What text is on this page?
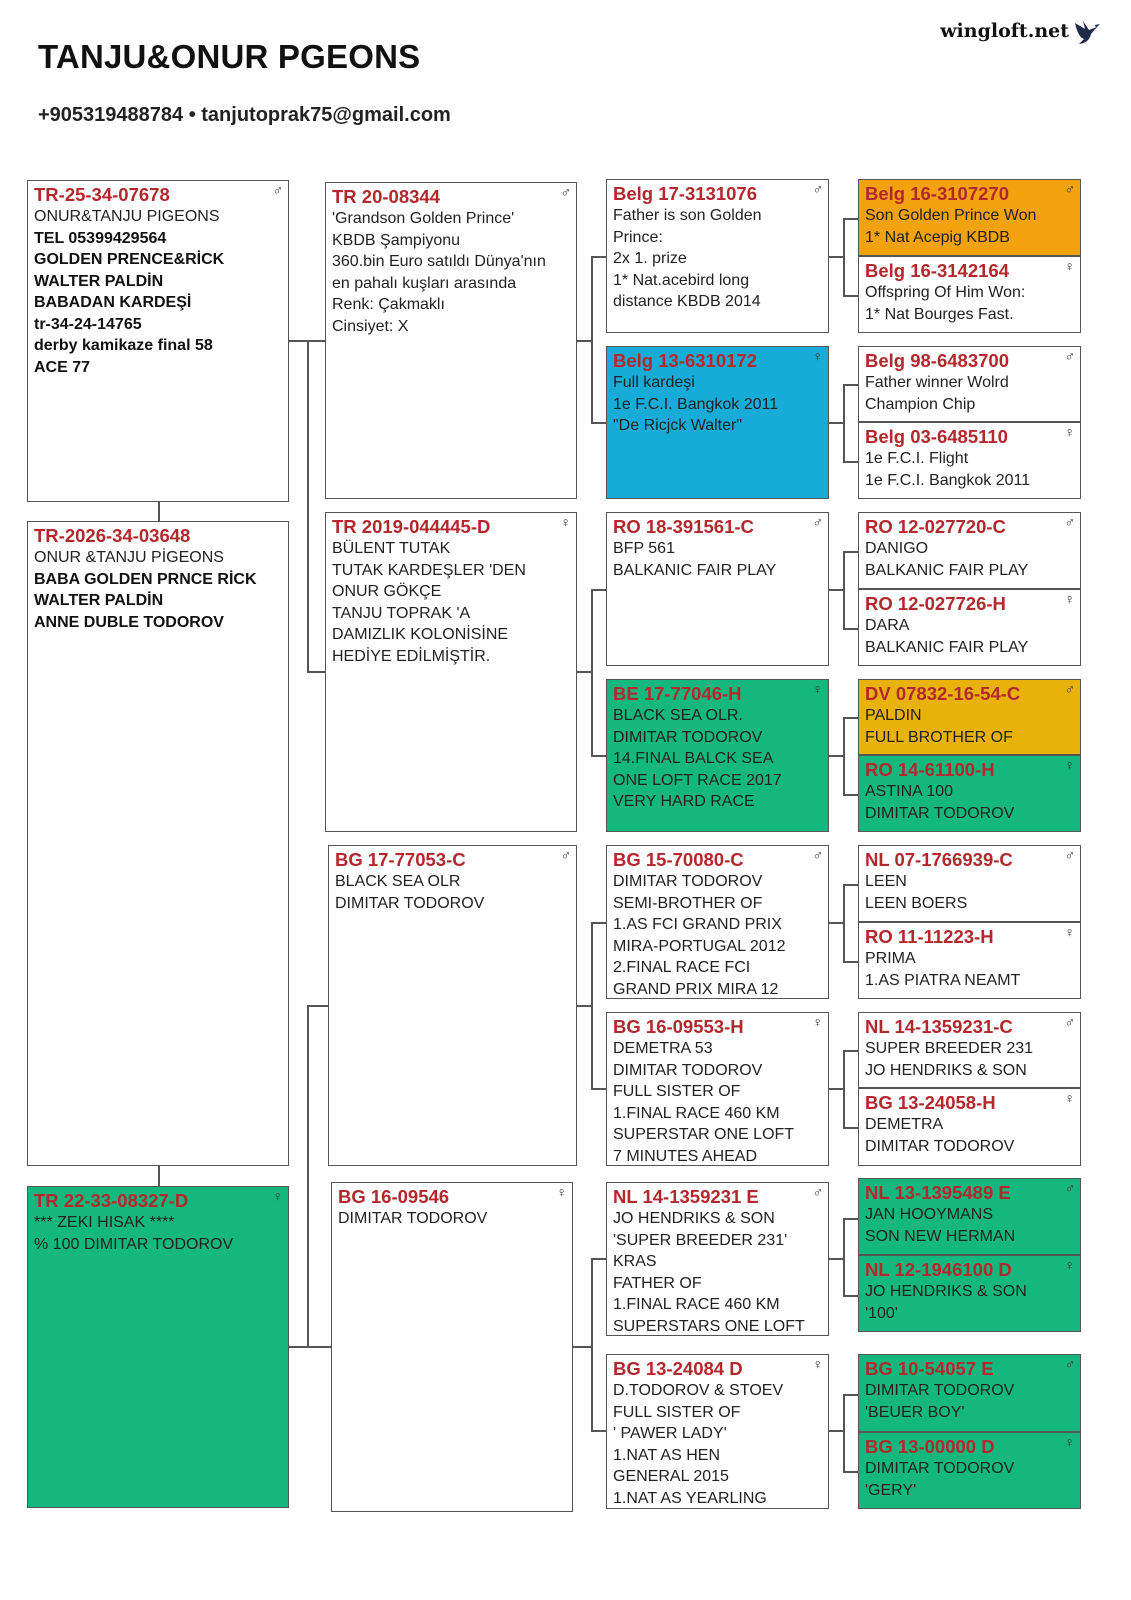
TANJU&ONUR PGEONS
+905319488784 • tanjutoprak75@gmail.com
wingloft.net
TR-25-34-07678	♂
ONUR&TANJU PIGEONS
TEL 05399429564
GOLDEN PRENCE&RİCK
WALTER PALDİN
BABADAN KARDEŞİ
tr-34-24-14765
derby kamikaze final 58
ACE 77
TR-2026-34-03648
ONUR &TANJU PİGEONS
BABA GOLDEN PRNCE RİCK
WALTER PALDİN
ANNE DUBLE TODOROV
TR 22-33-08327-D	♀
*** ZEKI HISAK ****
% 100 DIMITAR TODOROV
TR 20-08344	♂
'Grandson Golden Prince'
KBDB Şampiyonu
360.bin Euro satıldı Dünya'nın
en pahalı kuşları arasında
Renk: Çakmaklı
Cinsiyet: X
TR 2019-044445-D	♀
BÜLENT TUTAK
TUTAK KARDEŞLER 'DEN
ONUR GÖKÇE
TANJU TOPRAK 'A
DAMIZLIK KOLONİSİNE
HEDİYE EDİLMİŞTİR.
BG 17-77053-C	♂
BLACK SEA OLR
DIMITAR TODOROV
BG 16-09546	♀
DIMITAR TODOROV
Belg 17-3131076	♂
Father is son Golden
Prince:
2x 1. prize
1* Nat.acebird long
distance KBDB 2014
Belg 13-6310172	♀
Full kardeşi
1e F.C.I. Bangkok 2011
"De Ricjck Walter"
RO 18-391561-C	♂
BFP 561
BALKANIC FAIR PLAY
BE 17-77046-H	♀
BLACK SEA OLR.
DIMITAR TODOROV
14.FINAL BALCK SEA
ONE LOFT RACE 2017
VERY HARD RACE
BG 15-70080-C	♂
DIMITAR TODOROV
SEMI-BROTHER OF
1.AS FCI GRAND PRIX
MIRA-PORTUGAL 2012
2.FINAL RACE FCI
GRAND PRIX MIRA 12
BG 16-09553-H	♀
DEMETRA 53
DIMITAR TODOROV
FULL SISTER OF
1.FINAL RACE 460 KM
SUPERSTAR ONE LOFT
7 MINUTES AHEAD
NL 14-1359231 E	♂
JO HENDRIKS & SON
'SUPER BREEDER 231'
KRAS
FATHER OF
1.FINAL RACE 460 KM
SUPERSTARS ONE LOFT
BG 13-24084 D	♀
D.TODOROV & STOEV
FULL SISTER OF
' PAWER LADY'
1.NAT AS HEN
GENERAL 2015
1.NAT AS YEARLING
Belg 16-3107270	♂
Son Golden Prince Won
1* Nat Acepig KBDB
Belg 16-3142164	♀
Offspring Of Him Won:
1* Nat Bourges Fast.
Belg 98-6483700	♂
Father winner Wolrd
Champion Chip
Belg 03-6485110	♀
1e F.C.I. Flight
1e F.C.I. Bangkok 2011
RO 12-027720-C	♂
DANIGO
BALKANIC FAIR PLAY
RO 12-027726-H	♀
DARA
BALKANIC FAIR PLAY
DV 07832-16-54-C	♂
PALDIN
FULL BROTHER OF
RO 14-61100-H	♀
ASTINA 100
DIMITAR TODOROV
NL 07-1766939-C	♂
LEEN
LEEN BOERS
RO 11-11223-H	♀
PRIMA
1.AS PIATRA NEAMT
NL 14-1359231-C	♂
SUPER BREEDER 231
JO HENDRIKS & SON
BG 13-24058-H	♀
DEMETRA
DIMITAR TODOROV
NL 13-1395489 E	♂
JAN HOOYMANS
SON NEW HERMAN
NL 12-1946100 D	♀
JO HENDRIKS & SON
'100'
BG 10-54057 E	♂
DIMITAR TODOROV
'BEUER BOY'
BG 13-00000 D	♀
DIMITAR TODOROV
'GERY'
